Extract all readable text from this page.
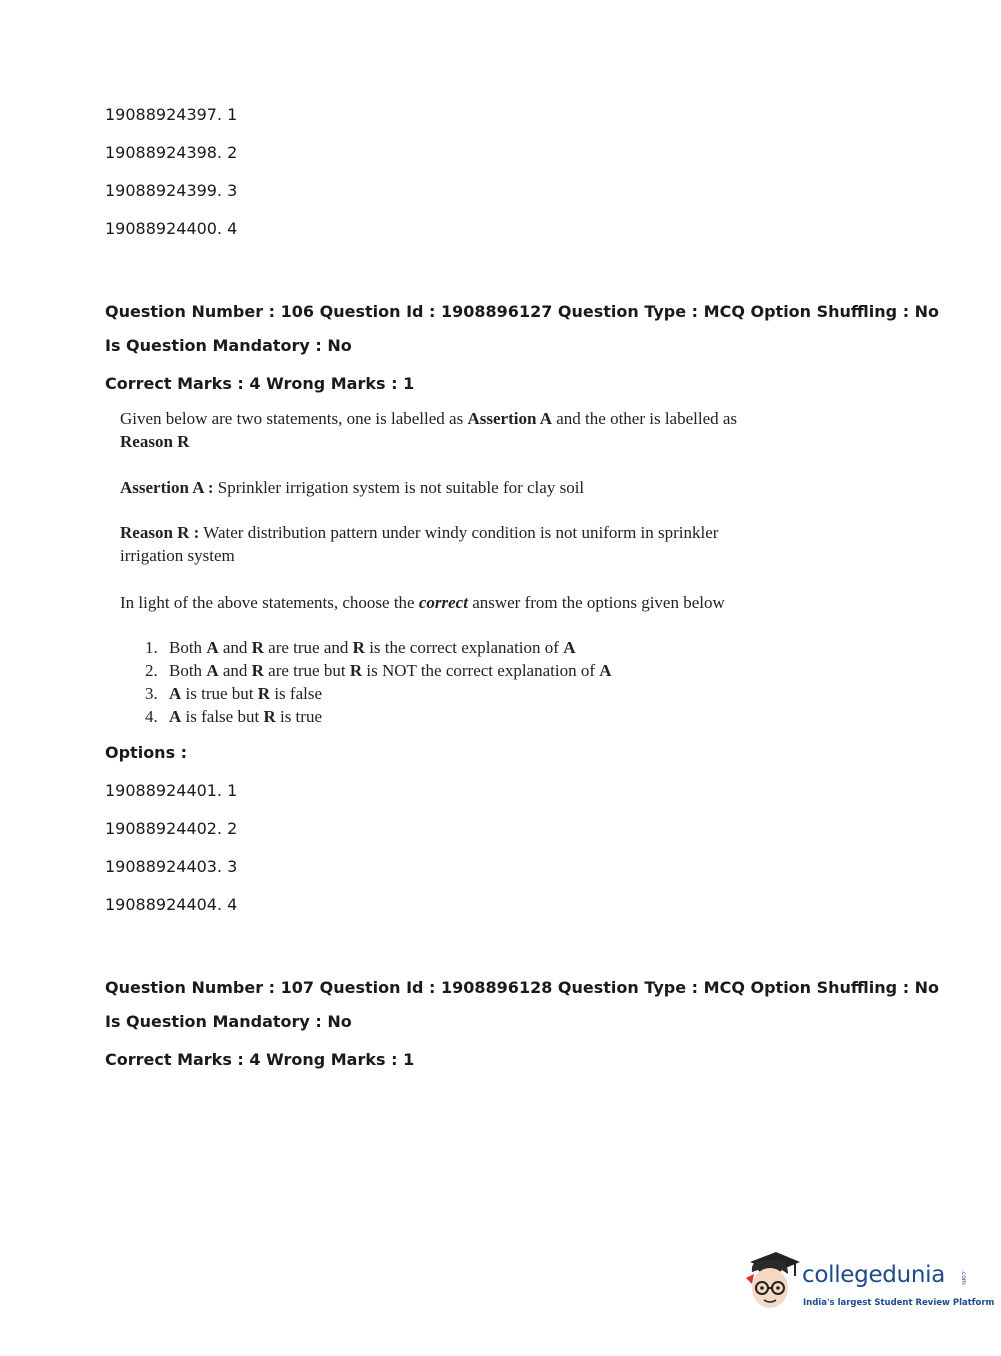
19088924397. 1
19088924398. 2
19088924399. 3
19088924400. 4
Question Number : 106 Question Id : 1908896127 Question Type : MCQ Option Shuffling : No
Is Question Mandatory : No
Correct Marks : 4 Wrong Marks : 1
Given below are two statements, one is labelled as Assertion A and the other is labelled as
Reason R
Assertion A : Sprinkler irrigation system is not suitable for clay soil
Reason R : Water distribution pattern under windy condition is not uniform in sprinkler
irrigation system
In light of the above statements, choose the correct answer from the options given below
1. Both A and R are true and R is the correct explanation of A
2. Both A and R are true but R is NOT the correct explanation of A
3. A is true but R is false
4. A is false but R is true
Options :
19088924401. 1
19088924402. 2
19088924403. 3
19088924404. 4
Question Number : 107 Question Id : 1908896128 Question Type : MCQ Option Shuffling : No
Is Question Mandatory : No
Correct Marks : 4 Wrong Marks : 1
collegedunia .com
India's largest Student Review Platform
